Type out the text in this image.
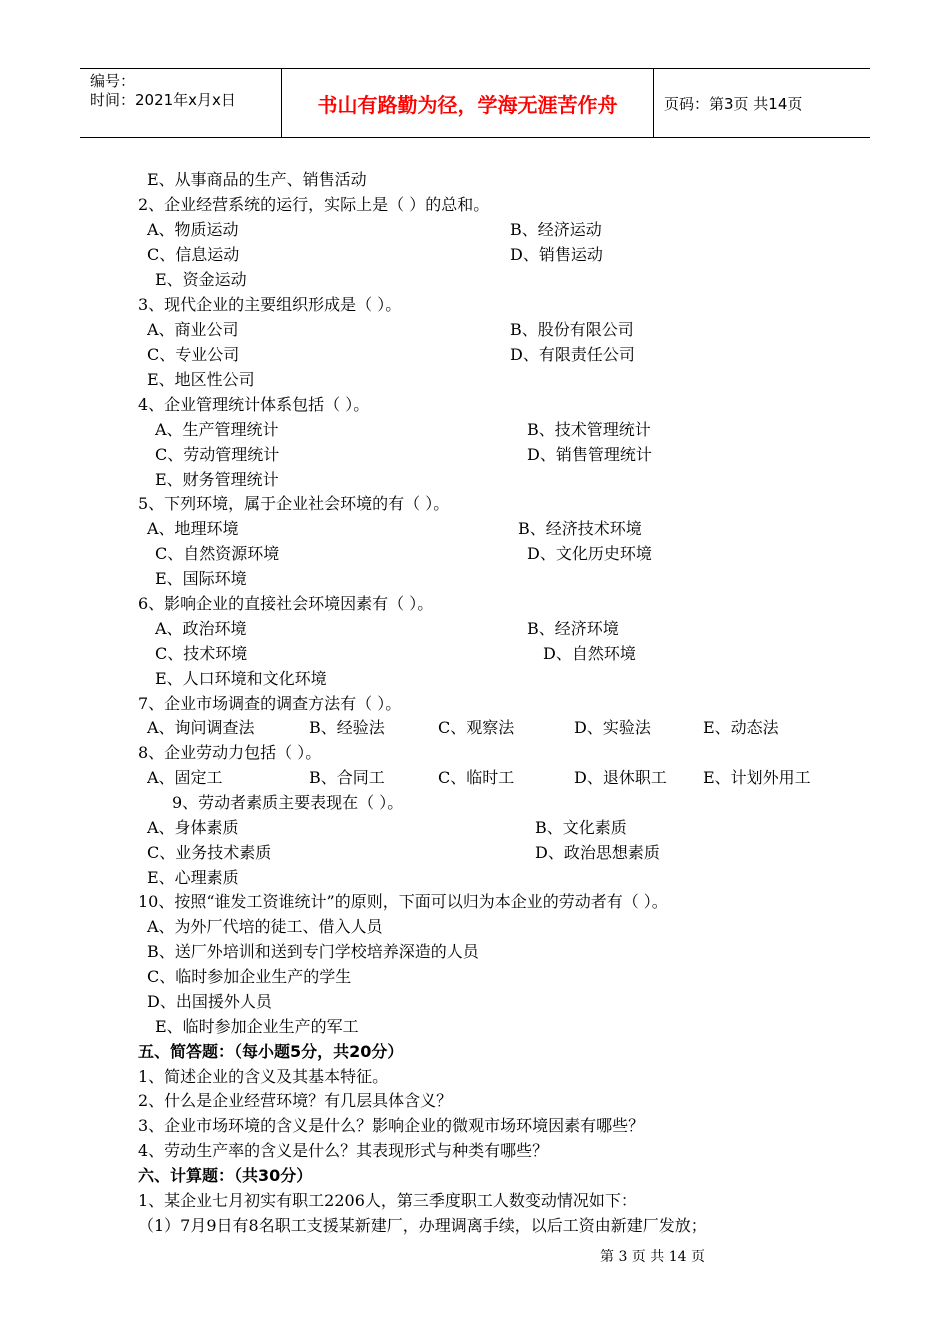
编号：
时间：2021年x月x日	书山有路勤为径，学海无涯苦作舟	页码：第3页 共14页
E、从事商品的生产、销售活动
2、企业经营系统的运行，实际上是（ ）的总和。
A、物质运动	B、经济运动
C、信息运动	D、销售运动
E、资金运动
3、现代企业的主要组织形成是（ ）。
A、商业公司	B、股份有限公司
C、专业公司	D、有限责任公司
E、地区性公司
4、企业管理统计体系包括（ ）。
A、生产管理统计	B、技术管理统计
C、劳动管理统计	D、销售管理统计
E、财务管理统计
5、下列环境，属于企业社会环境的有（ ）。
A、地理环境	B、经济技术环境
C、自然资源环境	D、文化历史环境
E、国际环境
6、影响企业的直接社会环境因素有（ ）。
A、政治环境	B、经济环境
C、技术环境	D、自然环境
E、人口环境和文化环境
7、企业市场调查的调查方法有（ ）。
A、询问调查法	B、经验法	C、观察法	D、实验法	E、动态法
8、企业劳动力包括（ ）。
A、固定工	B、合同工	C、临时工	D、退休职工 E、计划外用工
9、劳动者素质主要表现在（ ）。
A、身体素质	B、文化素质
C、业务技术素质	D、政治思想素质
E、心理素质
10、按照“谁发工资谁统计”的原则，下面可以归为本企业的劳动者有（ ）。
A、为外厂代培的徒工、借入人员
B、送厂外培训和送到专门学校培养深造的人员
C、临时参加企业生产的学生
D、出国援外人员
E、临时参加企业生产的军工
五、简答题：（每小题5分，共20分）
1、简述企业的含义及其基本特征。
2、什么是企业经营环境？有几层具体含义？
3、企业市场环境的含义是什么？影响企业的微观市场环境因素有哪些？
4、劳动生产率的含义是什么？其表现形式与种类有哪些？
六、计算题：（共30分）
1、某企业七月初实有职工2206人，第三季度职工人数变动情况如下：
（1）7月9日有8名职工支援某新建厂，办理调离手续，以后工资由新建厂发放；
第 3 页 共 14 页
